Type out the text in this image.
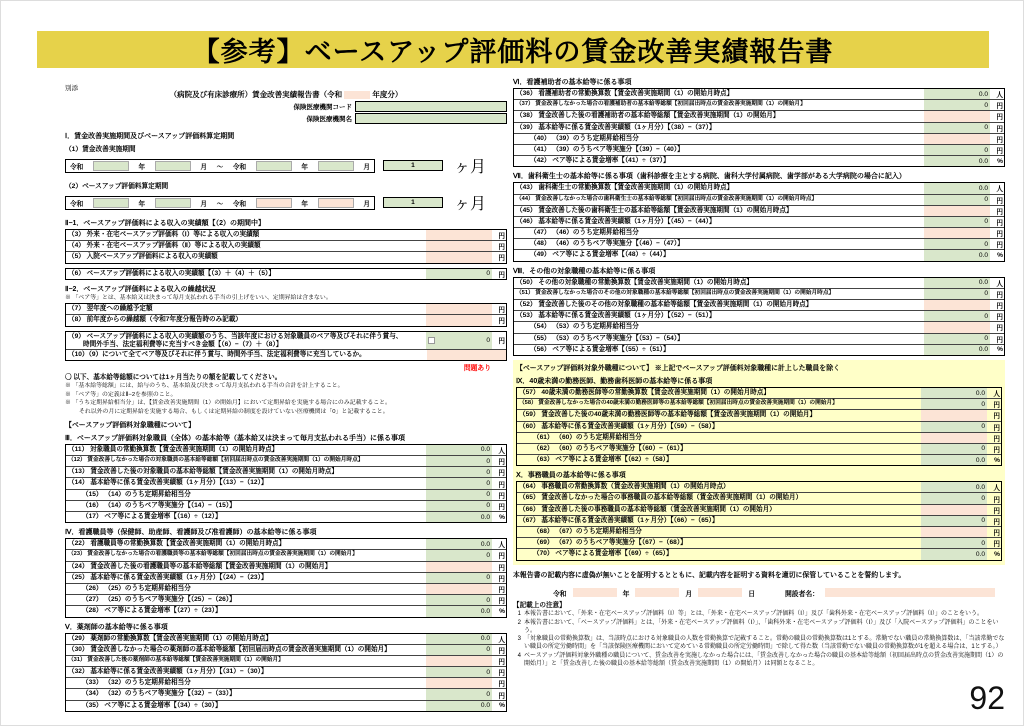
【参考】ベースアップ評価料の賃金改善実績報告書
別添
（病院及び有床診療所）賃金改善実績報告書（令和	年度分）
保険医療機関コード
保険医療機関名
Ⅰ．賃金改善実施期間及びベースアップ評価料算定期間
（1）賃金改善実施期間
令和	年	月 ～ 令和	年	月	1	ヶ月
（2）ベースアップ評価料算定期間
令和	年	月 ～ 令和	年	月	1	ヶ月
Ⅱ−1．ベースアップ評価料による収入の実績額【（2）の期間中】
（3） 外来・在宅ベースアップ評価料（Ⅰ）等による収入の実績額	円
（4） 外来・在宅ベースアップ評価料（Ⅱ）等による収入の実績額	円
（5） 入院ベースアップ評価料による収入の実績額	円
（6） ベースアップ評価料による収入の実績額【（3）＋（4）＋（5）】	0	円
Ⅱ−2．ベースアップ評価料による収入の繰越状況
※ 「ベア等」とは、基本給又は決まって毎月支払われる手当の引上げをいい、定期昇給は含まない。
（7） 翌年度への繰越予定額	円
（8） 前年度からの繰越額（令和7年度分報告時のみ記載）	円
（9） ベースアップ評価料による収入の実績額のうち、当該年度における対象職員のベア等及びそれに伴う賞与、
　　 時間外手当、法定福利費等に充当すべき金額【（6）−（7）＋（8）】
0	円
（10）（9）について全てベア等及びそれに伴う賞与、時間外手当、法定福利費等に充当しているか。
問題あり
〇 以下、基本給等総額については1ヶ月当たりの額を記載してください。
※ 「基本給等総額」には、給与のうち、基本給及び決まって毎月支払われる手当の合計を計上すること。
※ 「ベア等」の定義はⅡ−2を参照のこと。
※ 「うち定期昇給相当分」は、【賃金改善実施期間（1）の開始月】において定期昇給を実施する場合にのみ記載すること。
それ以外の月に定期昇給を実施する場合、もしくは定期昇給の制度を設けていない医療機関は「0」と記載すること。
【ベースアップ評価料対象職種について】
Ⅲ．ベースアップ評価料対象職員（全体）の基本給等（基本給又は決まって毎月支払われる手当）に係る事項
（11） 対象職員の常勤換算数【賃金改善実施期間（1）の開始月時点】	0.0	人
（12） 賃金改善しなかった場合の対象職員の基本給等総額【初回届出時点の賃金改善実施期間（1）の開始月時点】	0	円
（13） 賃金改善した後の対象職員の基本給等総額【賃金改善実施期間（1）の開始月時点】	0	円
（14） 基本給等に係る賃金改善実績額（1ヶ月分）【（13）−（12）】	0	円
（15） （14）のうち定期昇給相当分	0	円
（16） （14）のうちベア等実施分【（14）−（15）】	0	円
（17） ベア等による賃金増率【（16）÷（12）】	0.0	%
Ⅳ．看護職員等（保健師、助産師、看護師及び准看護師）の基本給等に係る事項
（22） 看護職員等の常勤換算数【賃金改善実施期間（1）の開始月時点】	0.0	人
（23） 賃金改善しなかった場合の看護職員等の基本給等総額【初回届出時点の賃金改善実施期間（1）の開始月】	0	円
（24） 賃金改善した後の看護職員等の基本給等総額【賃金改善実施期間（1）の開始月】	円
（25） 基本給等に係る賃金改善実績額（1ヶ月分）【（24）−（23）】	0	円
（26） （25）のうち定期昇給相当分	円
（27） （25）のうちベア等実施分【（25）−（26）】	0	円
（28） ベア等による賃金増率【（27）÷（23）】	0.0	%
Ⅴ．薬剤師の基本給等に係る事項
（29） 薬剤師の常勤換算数【賃金改善実施期間（1）の開始月時点】	0.0	人
（30） 賃金改善しなかった場合の薬剤師の基本給等総額【初回届出時点の賃金改善実施期間（1）の開始月】	0	円
（31） 賃金改善した後の薬剤師の基本給等総額【賃金改善実施期間（1）の開始月】	円
（32） 基本給等に係る賃金改善実績額（1ヶ月分）【（31）−（30）】	0	円
（33） （32）のうち定期昇給相当分	円
（34） （32）のうちベア等実施分【（32）−（33）】	0	円
（35） ベア等による賃金増率【（34）÷（30）】	0.0	%
Ⅵ．看護補助者の基本給等に係る事項
（36） 看護補助者の常勤換算数【賃金改善実施期間（1）の開始月時点】	0.0	人
（37） 賃金改善しなかった場合の看護補助者の基本給等総額【初回届出時点の賃金改善実施期間（1）の開始月】	0	円
（38） 賃金改善した後の看護補助者の基本給等総額【賃金改善実施期間（1）の開始月】	円
（39） 基本給等に係る賃金改善実績額（1ヶ月分）【（38）−（37）】	0	円
（40） （39）のうち定期昇給相当分	円
（41） （39）のうちベア等実施分【（39）−（40）】	0	円
（42） ベア等による賃金増率【（41）÷（37）】	0.0	%
Ⅶ．歯科衛生士の基本給等に係る事項（歯科診療を主とする病院、歯科大学付属病院、歯学部がある大学病院の場合に記入）
（43） 歯科衛生士の常勤換算数【賃金改善実施期間（1）の開始月時点】	0.0	人
（44） 賃金改善しなかった場合の歯科衛生士の基本給等総額【初回届出時点の賃金改善実施期間（1）の開始月時点】	0	円
（45） 賃金改善した後の歯科衛生士の基本給等総額【賃金改善実施期間（1）の開始月時点】	円
（46） 基本給等に係る賃金改善実績額（1ヶ月分）【（45）−（44）】	0	円
（47） （46）のうち定期昇給相当分	円
（48） （46）のうちベア等実施分【（46）−（47）】	0	円
（49） ベア等による賃金増率【（48）÷（44）】	0.0	%
Ⅷ．その他の対象職種の基本給等に係る事項
（50） その他の対象職種の常勤換算数【賃金改善実施期間（1）の開始月時点】	0.0	人
（51） 賃金改善しなかった場合のその他の対象職種の基本給等総額【初回届出時点の賃金改善実施期間（1）の開始月時点】	0	円
（52） 賃金改善した後のその他の対象職種の基本給等総額【賃金改善実施期間（1）の開始月時点】	円
（53） 基本給等に係る賃金改善実績額（1ヶ月分）【（52）−（51）】	0	円
（54） （53）のうち定期昇給相当分	円
（55） （53）のうちベア等実施分【（53）−（54）】	0	円
（56） ベア等による賃金増率【（55）÷（51）】	0.0	%
【ベースアップ評価料対象外職種について】 ※上記でベースアップ評価料対象職種に計上した職員を除く
Ⅸ．40歳未満の勤務医師、勤務歯科医師の基本給等に係る事項
（57） 40歳未満の勤務医師等の常勤換算数【賃金改善実施期間（1）の開始月時点】	0.0	人
（58） 賃金改善しなかった場合の40歳未満の勤務医師等の基本給等総額【初回届出時点の賃金改善実施期間（1）の開始月】	0	円
（59） 賃金改善した後の40歳未満の勤務医師等の基本給等総額【賃金改善実施期間（1）の開始月】	円
（60） 基本給等に係る賃金改善実績額（1ヶ月分）【（59）−（58）】	0	円
（61） （60）のうち定期昇給相当分	円
（62） （60）のうちベア等実施分【（60）−（61）】	0	円
（63） ベア等による賃金増率【（62）÷（58）】	0.0	%
Ⅹ．事務職員の基本給等に係る事項
（64） 事務職員の常勤換算数（賃金改善実施期間（1）の開始月時点）	0.0	人
（65） 賃金改善しなかった場合の事務職員の基本給等総額（賃金改善実施期間（1）の開始月）	0	円
（66） 賃金改善した後の事務職員の基本給等総額（賃金改善実施期間（1）の開始月）	円
（67） 基本給等に係る賃金改善実績額（1ヶ月分）【（66）−（65）】	0	円
（68） （67）のうち定期昇給相当分	円
（69） （67）のうちベア等実施分【（67）−（68）】	0	円
（70） ベア等による賃金増率【（69）÷（65）】	0.0	%
本報告書の記載内容に虚偽が無いことを証明するとともに、記載内容を証明する資料を適切に保管していることを誓約します。
令和	年	月	日	開設者名：
【記載上の注意】
1 本報告書において、「外来・在宅ベースアップ評価料（Ⅰ）等」とは、「外来・在宅ベースアップ評価料（Ⅰ）」及び「歯科外来・在宅ベースアップ評価料（Ⅰ）」のことをいう。
2 本報告書において、「ベースアップ評価料」とは、「外来・在宅ベースアップ評価料（Ⅰ）」、「歯科外来・在宅ベースアップ評価料（Ⅰ）」及び「入院ベースアップ評価料」のことをいう。
3 「対象職員の常勤換算数」は、当該時点における対象職員の人数を常勤換算で記載すること。常勤の職員の常勤換算数は1とする。常勤でない職員の常勤換算数は、「当該常勤でない職員の所定労働時間」を「当該保険医療機関において定めている常勤職員の所定労働時間」で除して得た数（当該常勤でない職員の常勤換算数が1を超える場合は、1とする。）
4 ベースアップ評価料対象外職種の職員について、賃金改善を実施しなかった場合には、「賃金改善しなかった場合の職員の基本給等総額（初回届出時点の賃金改善実施期間（1）の開始月）」と「賃金改善した後の職員の基本給等総額（賃金改善実施期間（1）の開始月）は同額となること。
92
